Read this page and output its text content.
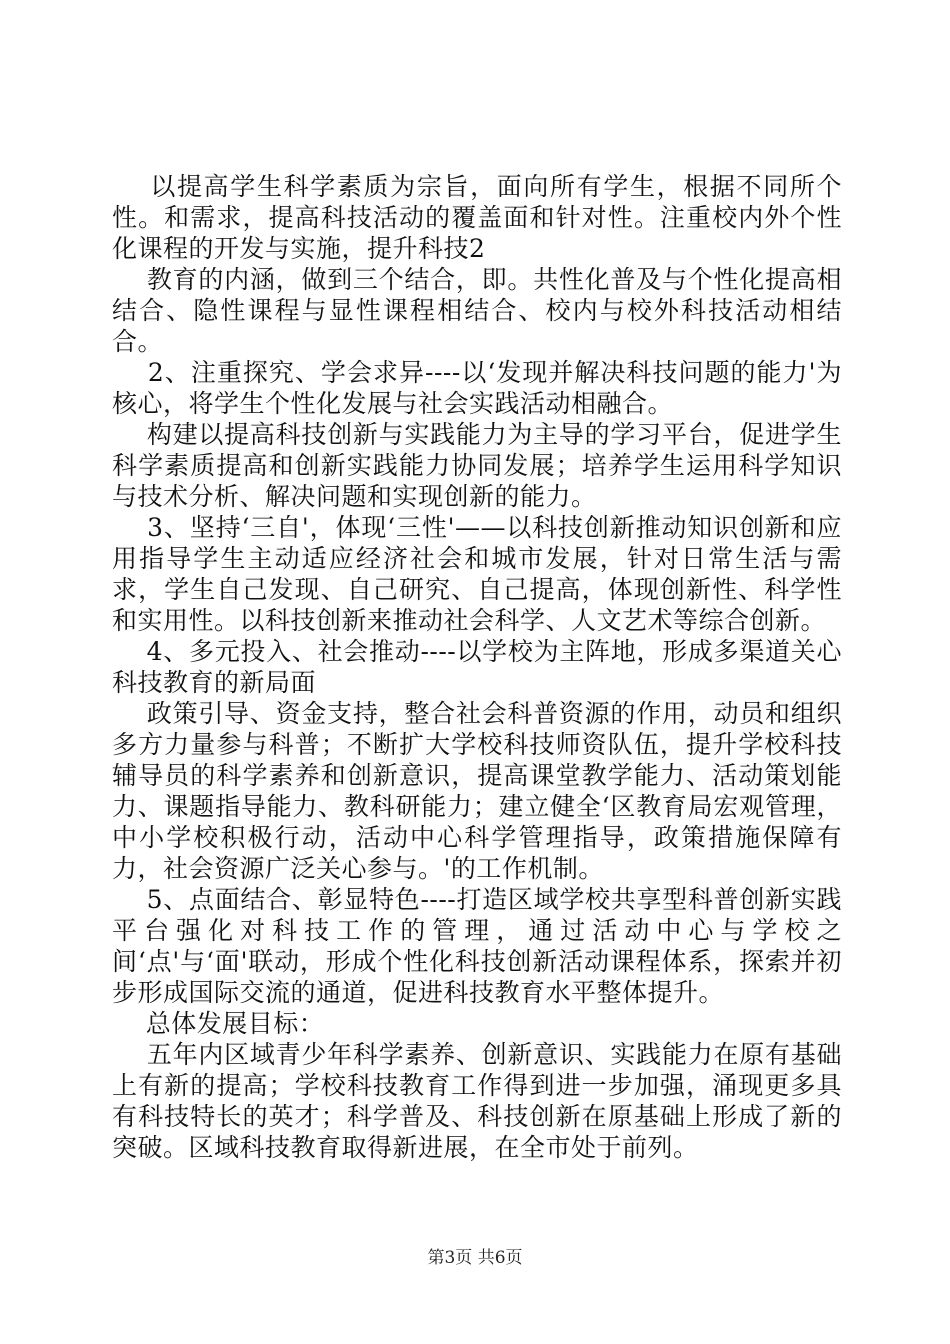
以提高学生科学素质为宗旨，面向所有学生，根据不同所个性。和需求，提高科技活动的覆盖面和针对性。注重校内外个性化课程的开发与实施，提升科技2

教育的内涵，做到三个结合，即。共性化普及与个性化提高相结合、隐性课程与显性课程相结合、校内与校外科技活动相结合。

2、注重探究、学会求异----以‘发现并解决科技问题的能力'为核心，将学生个性化发展与社会实践活动相融合。

构建以提高科技创新与实践能力为主导的学习平台，促进学生科学素质提高和创新实践能力协同发展；培养学生运用科学知识与技术分析、解决问题和实现创新的能力。

3、坚持‘三自'，体现‘三性'——以科技创新推动知识创新和应用指导学生主动适应经济社会和城市发展，针对日常生活与需求，学生自己发现、自己研究、自己提高，体现创新性、科学性和实用性。以科技创新来推动社会科学、人文艺术等综合创新。

4、多元投入、社会推动----以学校为主阵地，形成多渠道关心科技教育的新局面

政策引导、资金支持，整合社会科普资源的作用，动员和组织多方力量参与科普；不断扩大学校科技师资队伍，提升学校科技辅导员的科学素养和创新意识，提高课堂教学能力、活动策划能力、课题指导能力、教科研能力；建立健全‘区教育局宏观管理，中小学校积极行动，活动中心科学管理指导，政策措施保障有力，社会资源广泛关心参与。'的工作机制。

5、点面结合、彰显特色----打造区域学校共享型科普创新实践平台强化对科技工作的管理，通过活动中心与学校之间‘点'与‘面'联动，形成个性化科技创新活动课程体系，探索并初步形成国际交流的通道，促进科技教育水平整体提升。

总体发展目标：

五年内区域青少年科学素养、创新意识、实践能力在原有基础上有新的提高；学校科技教育工作得到进一步加强，涌现更多具有科技特长的英才；科学普及、科技创新在原基础上形成了新的突破。区域科技教育取得新进展，在全市处于前列。

第3页 共6页
